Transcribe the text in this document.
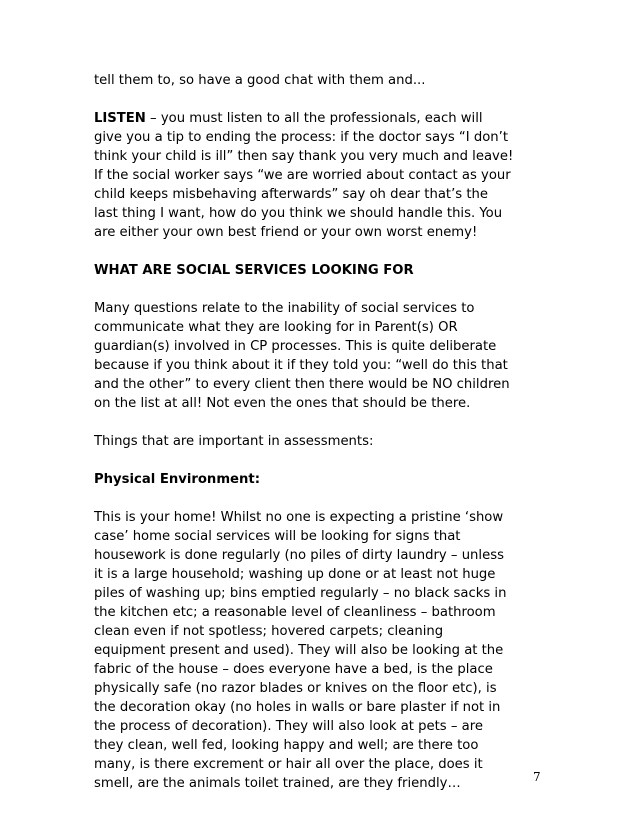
tell them to, so have a good chat with them and...

LISTEN – you must listen to all the professionals, each will
give you a tip to ending the process: if the doctor says “I don’t
think your child is ill” then say thank you very much and leave!
If the social worker says “we are worried about contact as your
child keeps misbehaving afterwards” say oh dear that’s the
last thing I want, how do you think we should handle this. You
are either your own best friend or your own worst enemy!

WHAT ARE SOCIAL SERVICES LOOKING FOR

Many questions relate to the inability of social services to
communicate what they are looking for in Parent(s) OR
guardian(s) involved in CP processes. This is quite deliberate
because if you think about it if they told you: “well do this that
and the other” to every client then there would be NO children
on the list at all! Not even the ones that should be there.

Things that are important in assessments:

Physical Environment:

This is your home! Whilst no one is expecting a pristine ‘show
case’ home social services will be looking for signs that
housework is done regularly (no piles of dirty laundry – unless
it is a large household; washing up done or at least not huge
piles of washing up; bins emptied regularly – no black sacks in
the kitchen etc; a reasonable level of cleanliness – bathroom
clean even if not spotless; hovered carpets; cleaning
equipment present and used). They will also be looking at the
fabric of the house – does everyone have a bed, is the place
physically safe (no razor blades or knives on the floor etc), is
the decoration okay (no holes in walls or bare plaster if not in
the process of decoration). They will also look at pets – are
they clean, well fed, looking happy and well; are there too
many, is there excrement or hair all over the place, does it
smell, are the animals toilet trained, are they friendly…	7
